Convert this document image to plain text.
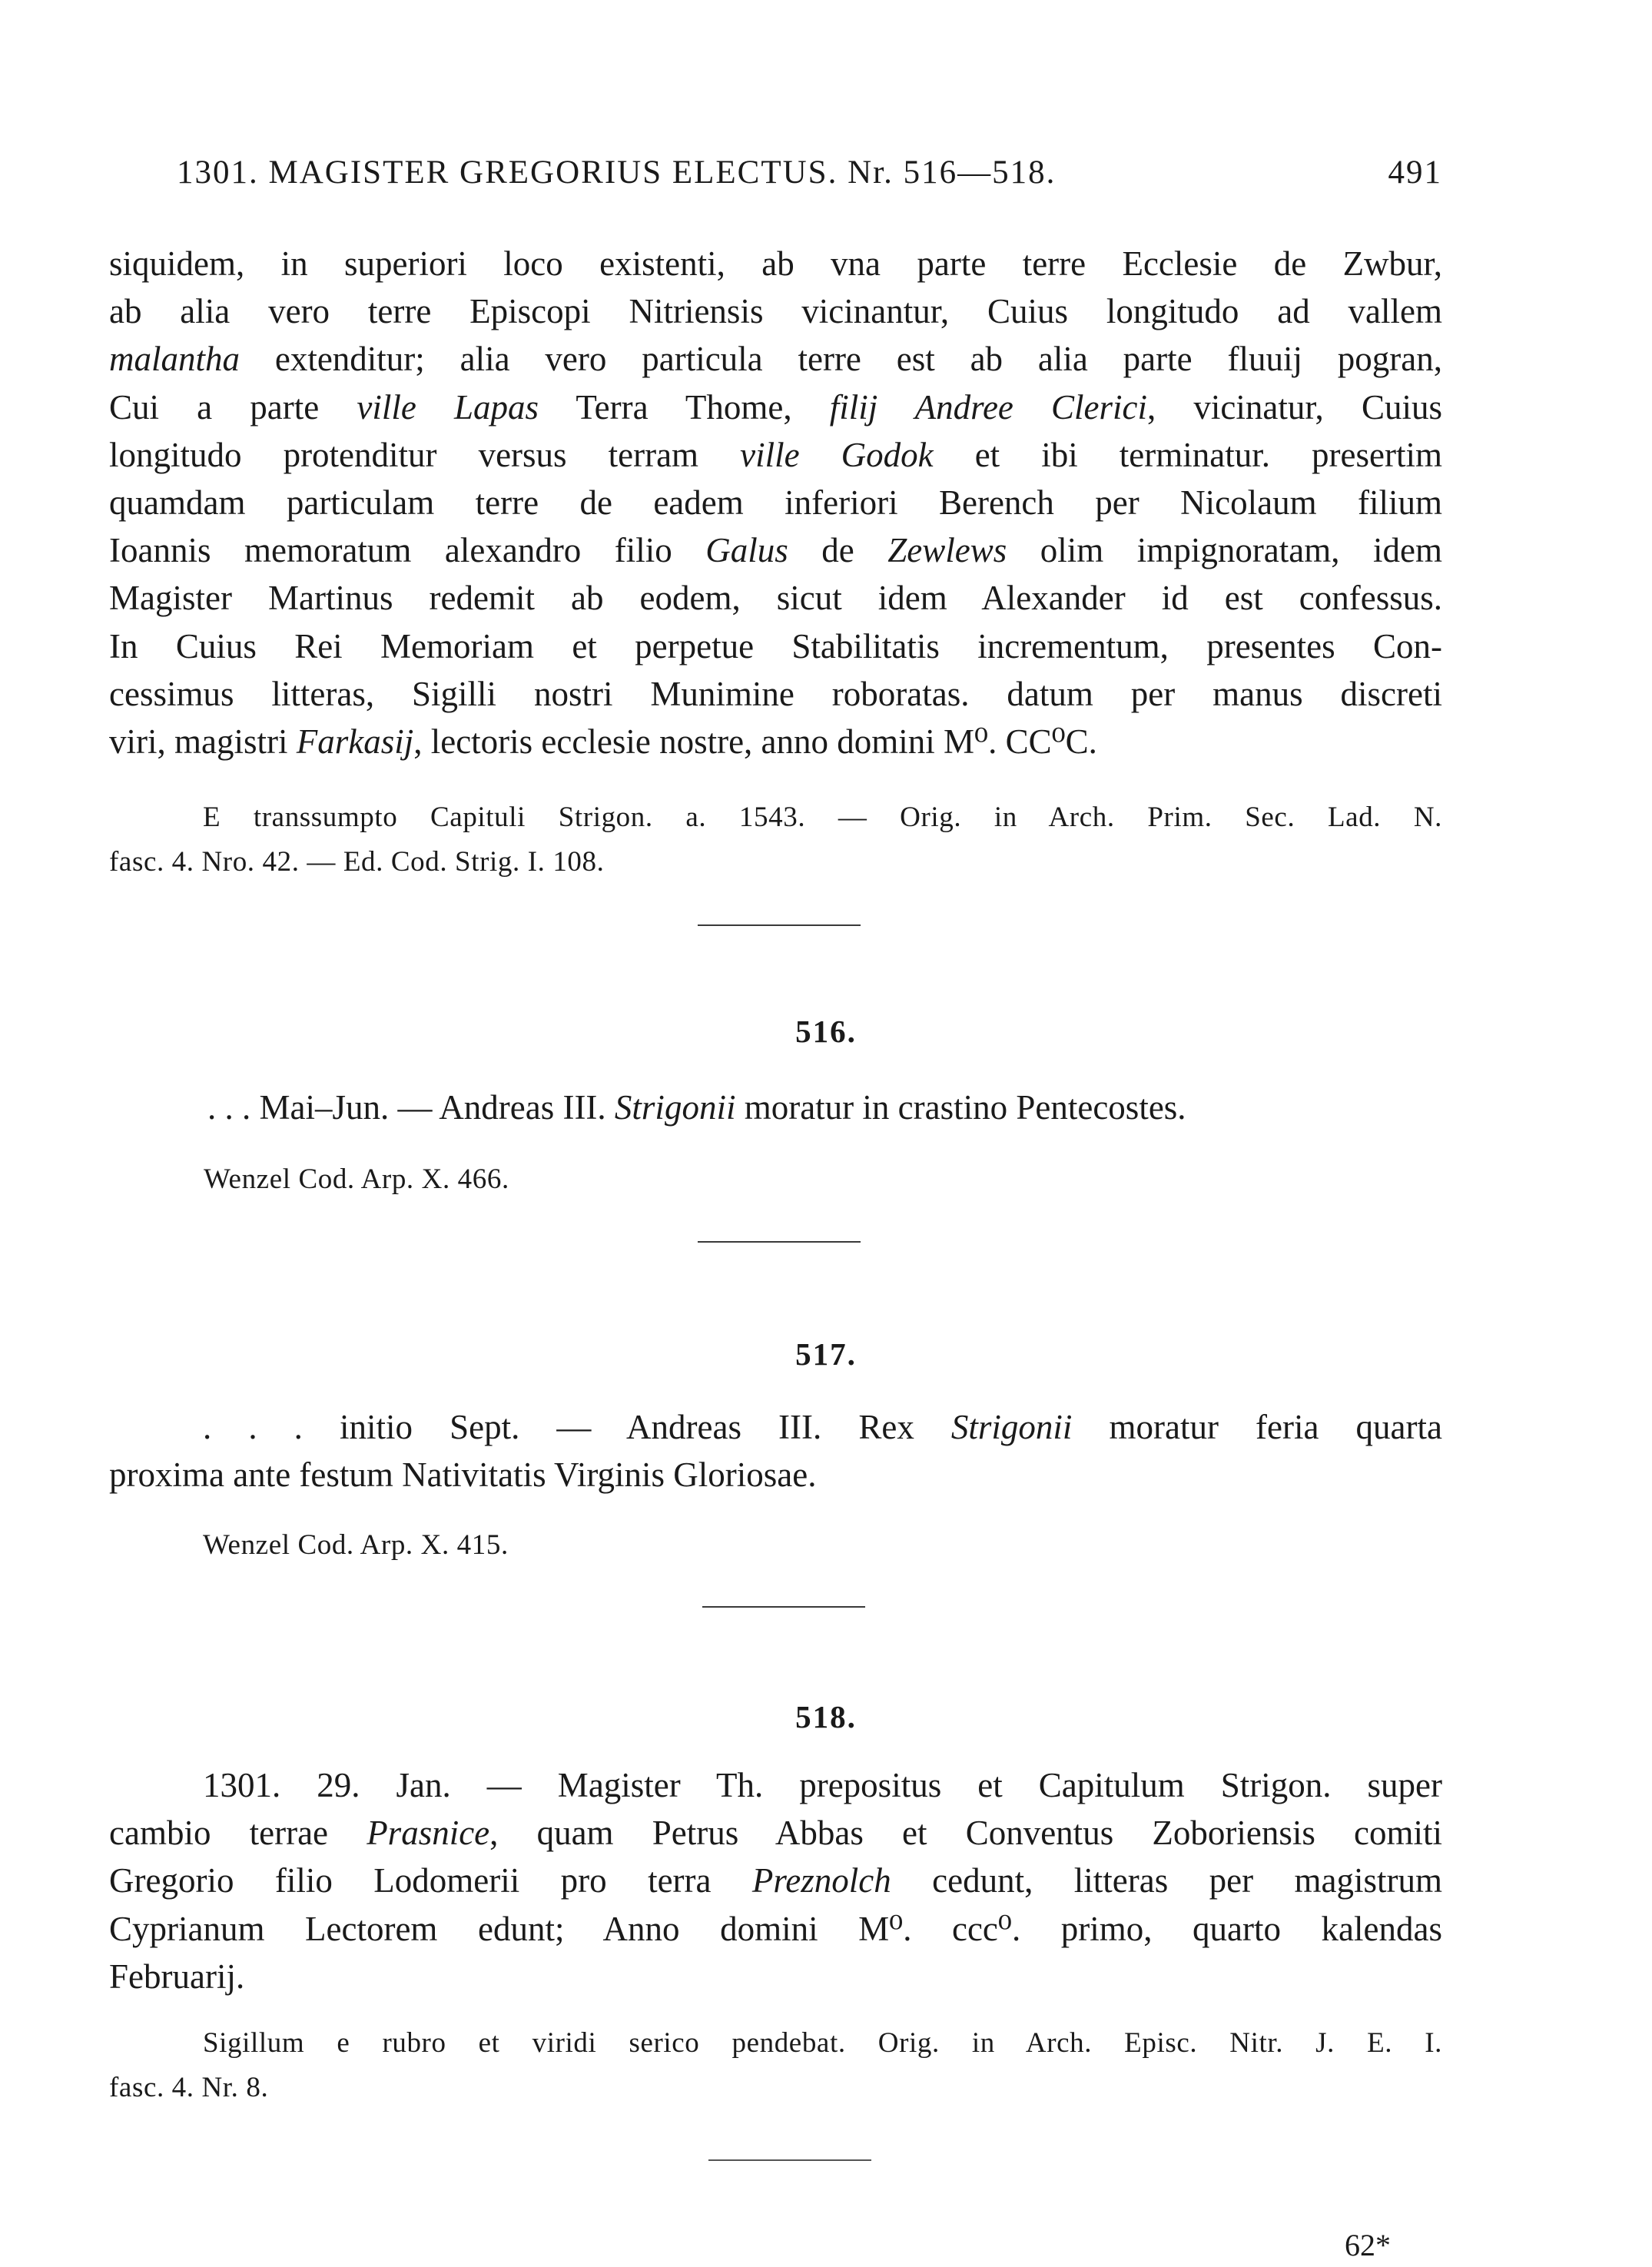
1301. MAGISTER GREGORIUS ELECTUS. Nr. 516—518.	491
siquidem, in superiori loco existenti, ab vna parte terre Ecclesie de Zwbur,
ab alia vero terre Episcopi Nitriensis vicinantur, Cuius longitudo ad vallem
malantha extenditur; alia vero particula terre est ab alia parte fluuij pogran,
Cui a parte ville Lapas Terra Thome, filij Andree Clerici, vicinatur, Cuius
longitudo protenditur versus terram ville Godok et ibi terminatur. presertim
quamdam particulam terre de eadem inferiori Berench per Nicolaum filium
Ioannis memoratum alexandro filio Galus de Zewlews olim impignoratam, idem
Magister Martinus redemit ab eodem, sicut idem Alexander id est confessus.
In Cuius Rei Memoriam et perpetue Stabilitatis incrementum, presentes Con-
cessimus litteras, Sigilli nostri Munimine roboratas. datum per manus discreti
viri, magistri Farkasij, lectoris ecclesie nostre, anno domini M⁰. CC⁰C.
E transsumpto Capituli Strigon. a. 1543. — Orig. in Arch. Prim. Sec. Lad. N.
fasc. 4. Nro. 42. — Ed. Cod. Strig. I. 108.
516.
. . . Mai–Jun. — Andreas III. Strigonii moratur in crastino Pentecostes.
Wenzel Cod. Arp. X. 466.
517.
. . . initio Sept. — Andreas III. Rex Strigonii moratur feria quarta
proxima ante festum Nativitatis Virginis Gloriosae.
Wenzel Cod. Arp. X. 415.
518.
1301. 29. Jan. — Magister Th. prepositus et Capitulum Strigon. super
cambio terrae Prasnice, quam Petrus Abbas et Conventus Zoboriensis comiti
Gregorio filio Lodomerii pro terra Preznolch cedunt, litteras per magistrum
Cyprianum Lectorem edunt; Anno domini M⁰. ccc⁰. primo, quarto kalendas
Februarij.
Sigillum e rubro et viridi serico pendebat. Orig. in Arch. Episc. Nitr. J. E. I.
fasc. 4. Nr. 8.
62*
